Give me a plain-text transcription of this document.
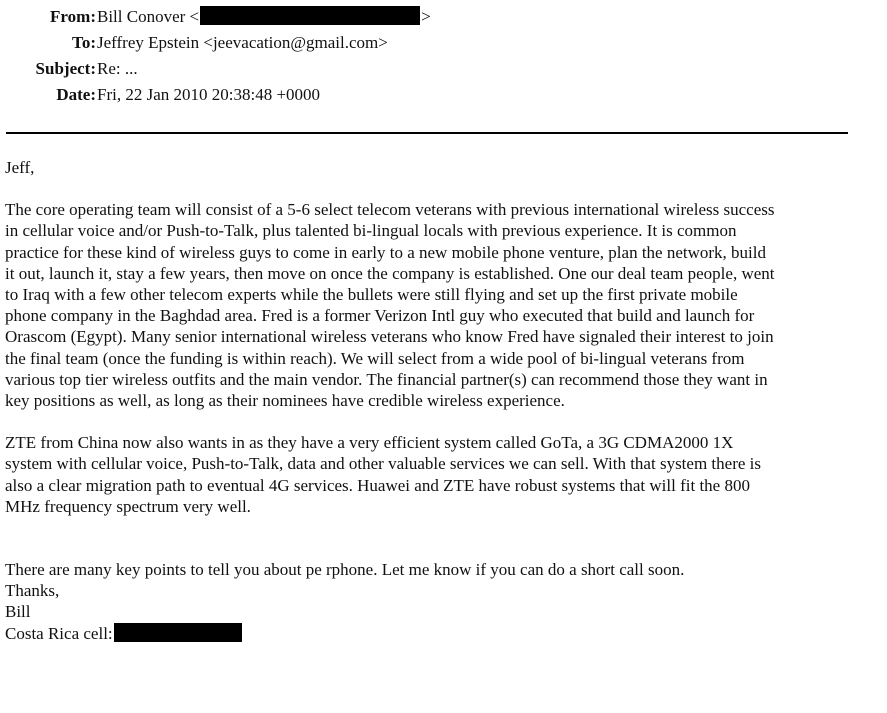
From: Bill Conover <	>
To: Jeffrey Epstein <jeevacation@gmail.com>
Subject: Re: ...
Date: Fri, 22 Jan 2010 20:38:48 +0000

Jeff,

The core operating team will consist of a 5-6 select telecom veterans with previous international wireless success
in cellular voice and/or Push-to-Talk, plus talented bi-lingual locals with previous experience. It is common
practice for these kind of wireless guys to come in early to a new mobile phone venture, plan the network, build
it out, launch it, stay a few years, then move on once the company is established. One our deal team people, went
to Iraq with a few other telecom experts while the bullets were still flying and set up the first private mobile
phone company in the Baghdad area. Fred is a former Verizon Intl guy who executed that build and launch for
Orascom (Egypt). Many senior international wireless veterans who know Fred have signaled their interest to join
the final team (once the funding is within reach). We will select from a wide pool of bi-lingual veterans from
various top tier wireless outfits and the main vendor. The financial partner(s) can recommend those they want in
key positions as well, as long as their nominees have credible wireless experience.

ZTE from China now also wants in as they have a very efficient system called GoTa, a 3G CDMA2000 1X
system with cellular voice, Push-to-Talk, data and other valuable services we can sell. With that system there is
also a clear migration path to eventual 4G services. Huawei and ZTE have robust systems that will fit the 800
MHz frequency spectrum very well.

There are many key points to tell you about pe rphone. Let me know if you can do a short call soon.
Thanks,
Bill
Costa Rica cell:
